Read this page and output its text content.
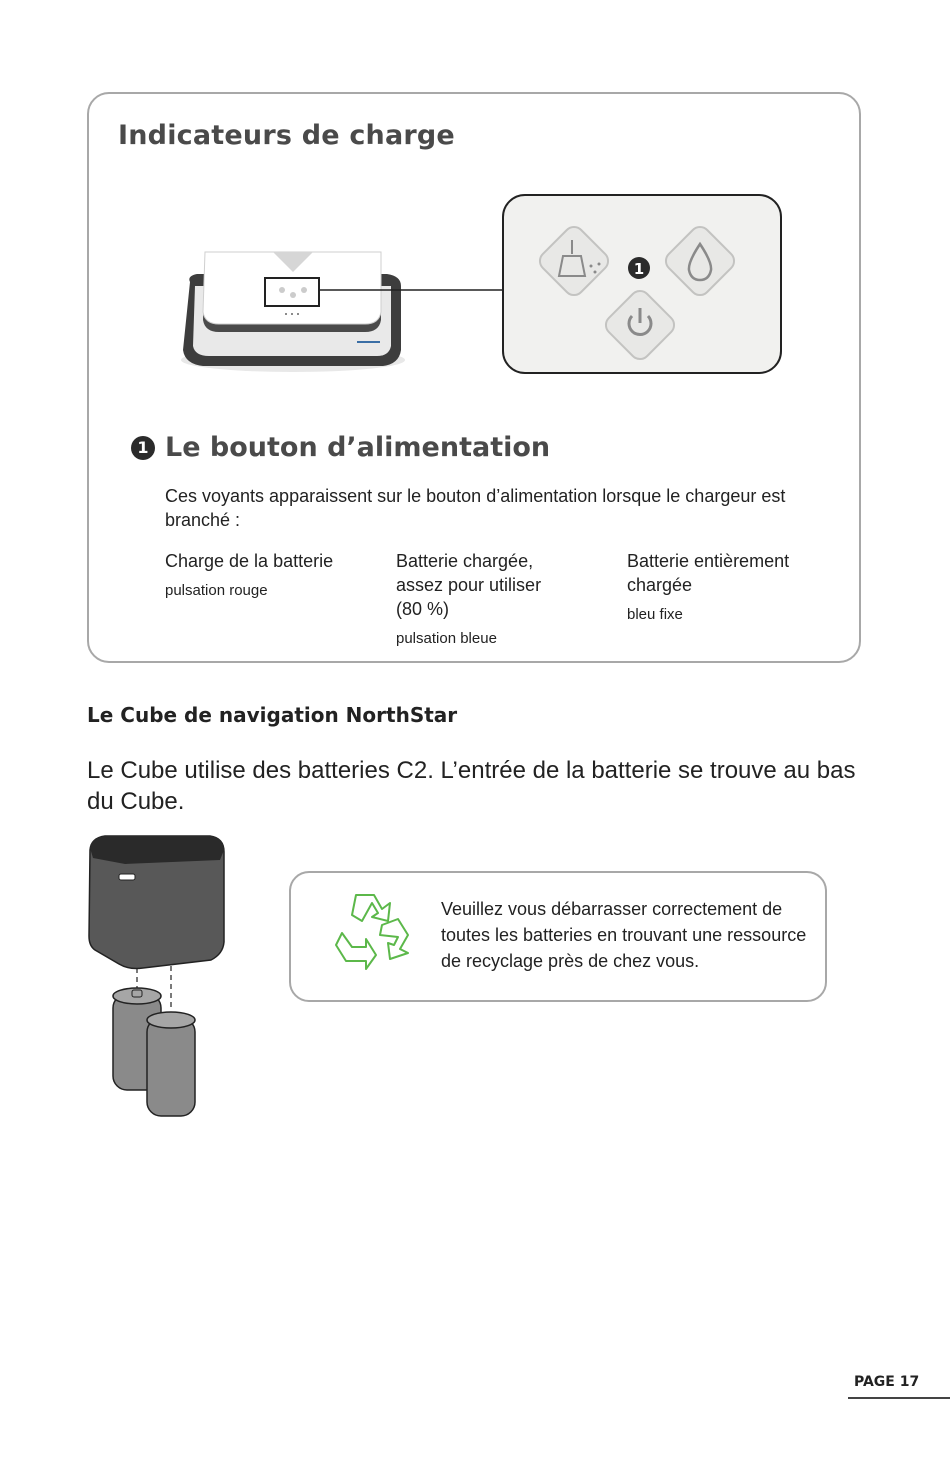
Indicateurs de charge
1
1 Le bouton d’alimentation
Ces voyants apparaissent sur le bouton d’alimentation lorsque le chargeur est branché :
Charge de la batterie
pulsation rouge
Batterie chargée, assez pour utiliser (80 %)
pulsation bleue
Batterie entièrement chargée
bleu fixe
Le Cube de navigation NorthStar
Le Cube utilise des batteries C2. L’entrée de la batterie se trouve au bas du Cube.
Veuillez vous débarrasser correctement de toutes les batteries en trouvant une ressource de recyclage près de chez vous.
PAGE 17
